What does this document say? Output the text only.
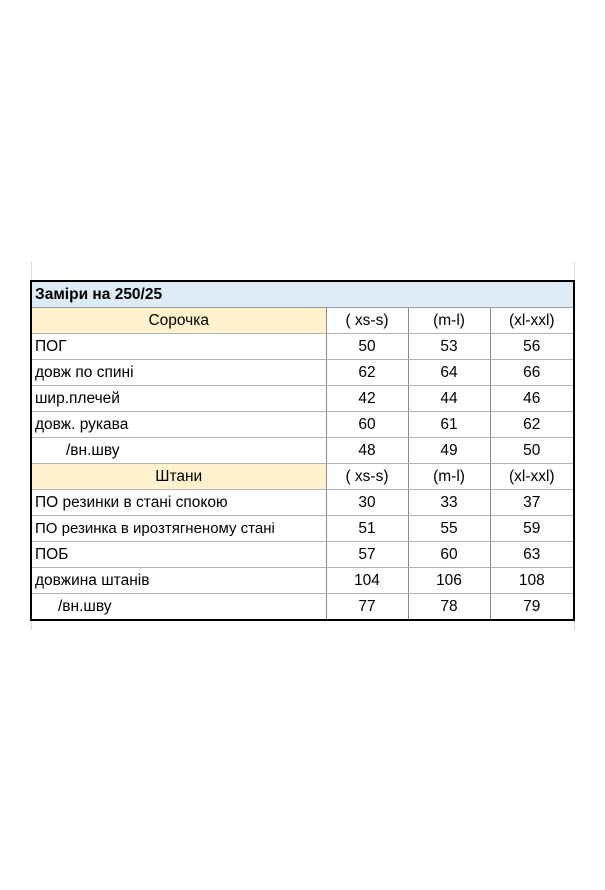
Заміри на 250/25			
Сорочка	( xs-s)	(m-l)	(xl-xxl)
ПОГ	50	53	56
довж по спині	62	64	66
шир.плечей	42	44	46
довж. рукава	60	61	62
/вн.шву	48	49	50
Штани	( xs-s)	(m-l)	(xl-xxl)
ПО резинки в стані спокою	30	33	37
ПО резинка в ирозтягненому стані	51	55	59
ПОБ	57	60	63
довжина штанів	104	106	108
/вн.шву	77	78	79
